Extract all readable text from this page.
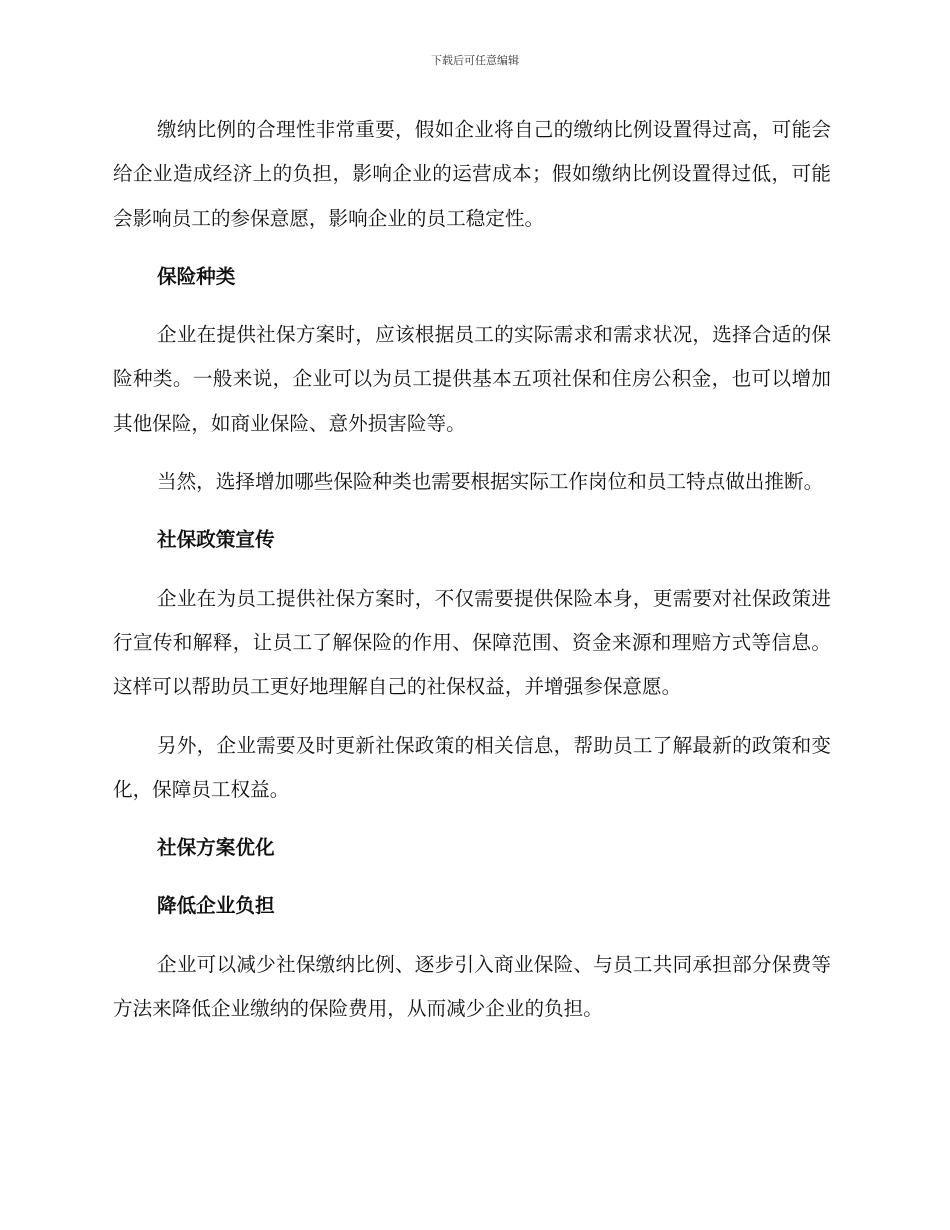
下载后可任意编辑

缴纳比例的合理性非常重要，假如企业将自己的缴纳比例设置得过高，可能会给企业造成经济上的负担，影响企业的运营成本；假如缴纳比例设置得过低，可能会影响员工的参保意愿，影响企业的员工稳定性。

保险种类

企业在提供社保方案时，应该根据员工的实际需求和需求状况，选择合适的保险种类。一般来说，企业可以为员工提供基本五项社保和住房公积金，也可以增加其他保险，如商业保险、意外损害险等。

当然，选择增加哪些保险种类也需要根据实际工作岗位和员工特点做出推断。

社保政策宣传

企业在为员工提供社保方案时，不仅需要提供保险本身，更需要对社保政策进行宣传和解释，让员工了解保险的作用、保障范围、资金来源和理赔方式等信息。这样可以帮助员工更好地理解自己的社保权益，并增强参保意愿。

另外，企业需要及时更新社保政策的相关信息，帮助员工了解最新的政策和变化，保障员工权益。

社保方案优化

降低企业负担

企业可以减少社保缴纳比例、逐步引入商业保险、与员工共同承担部分保费等方法来降低企业缴纳的保险费用，从而减少企业的负担。
